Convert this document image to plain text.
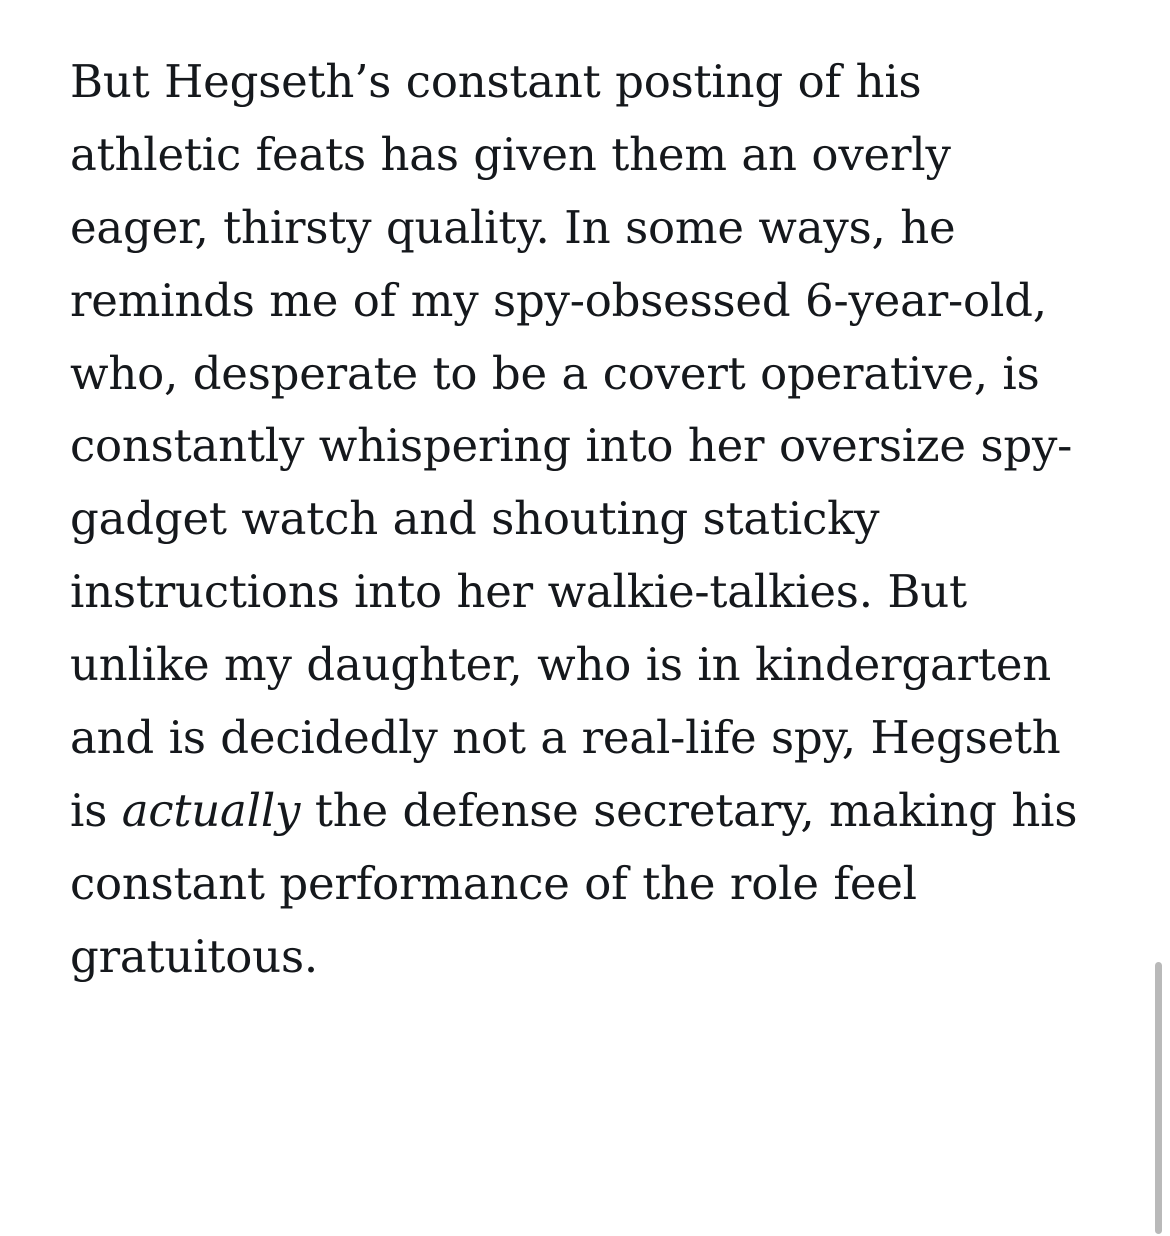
But Hegseth’s constant posting of his athletic feats has given them an overly eager, thirsty quality. In some ways, he reminds me of my spy-obsessed 6-year-old, who, desperate to be a covert operative, is constantly whispering into her oversize spy-gadget watch and shouting staticky instructions into her walkie-talkies. But unlike my daughter, who is in kindergarten and is decidedly not a real-life spy, Hegseth is actually the defense secretary, making his constant performance of the role feel gratuitous.
